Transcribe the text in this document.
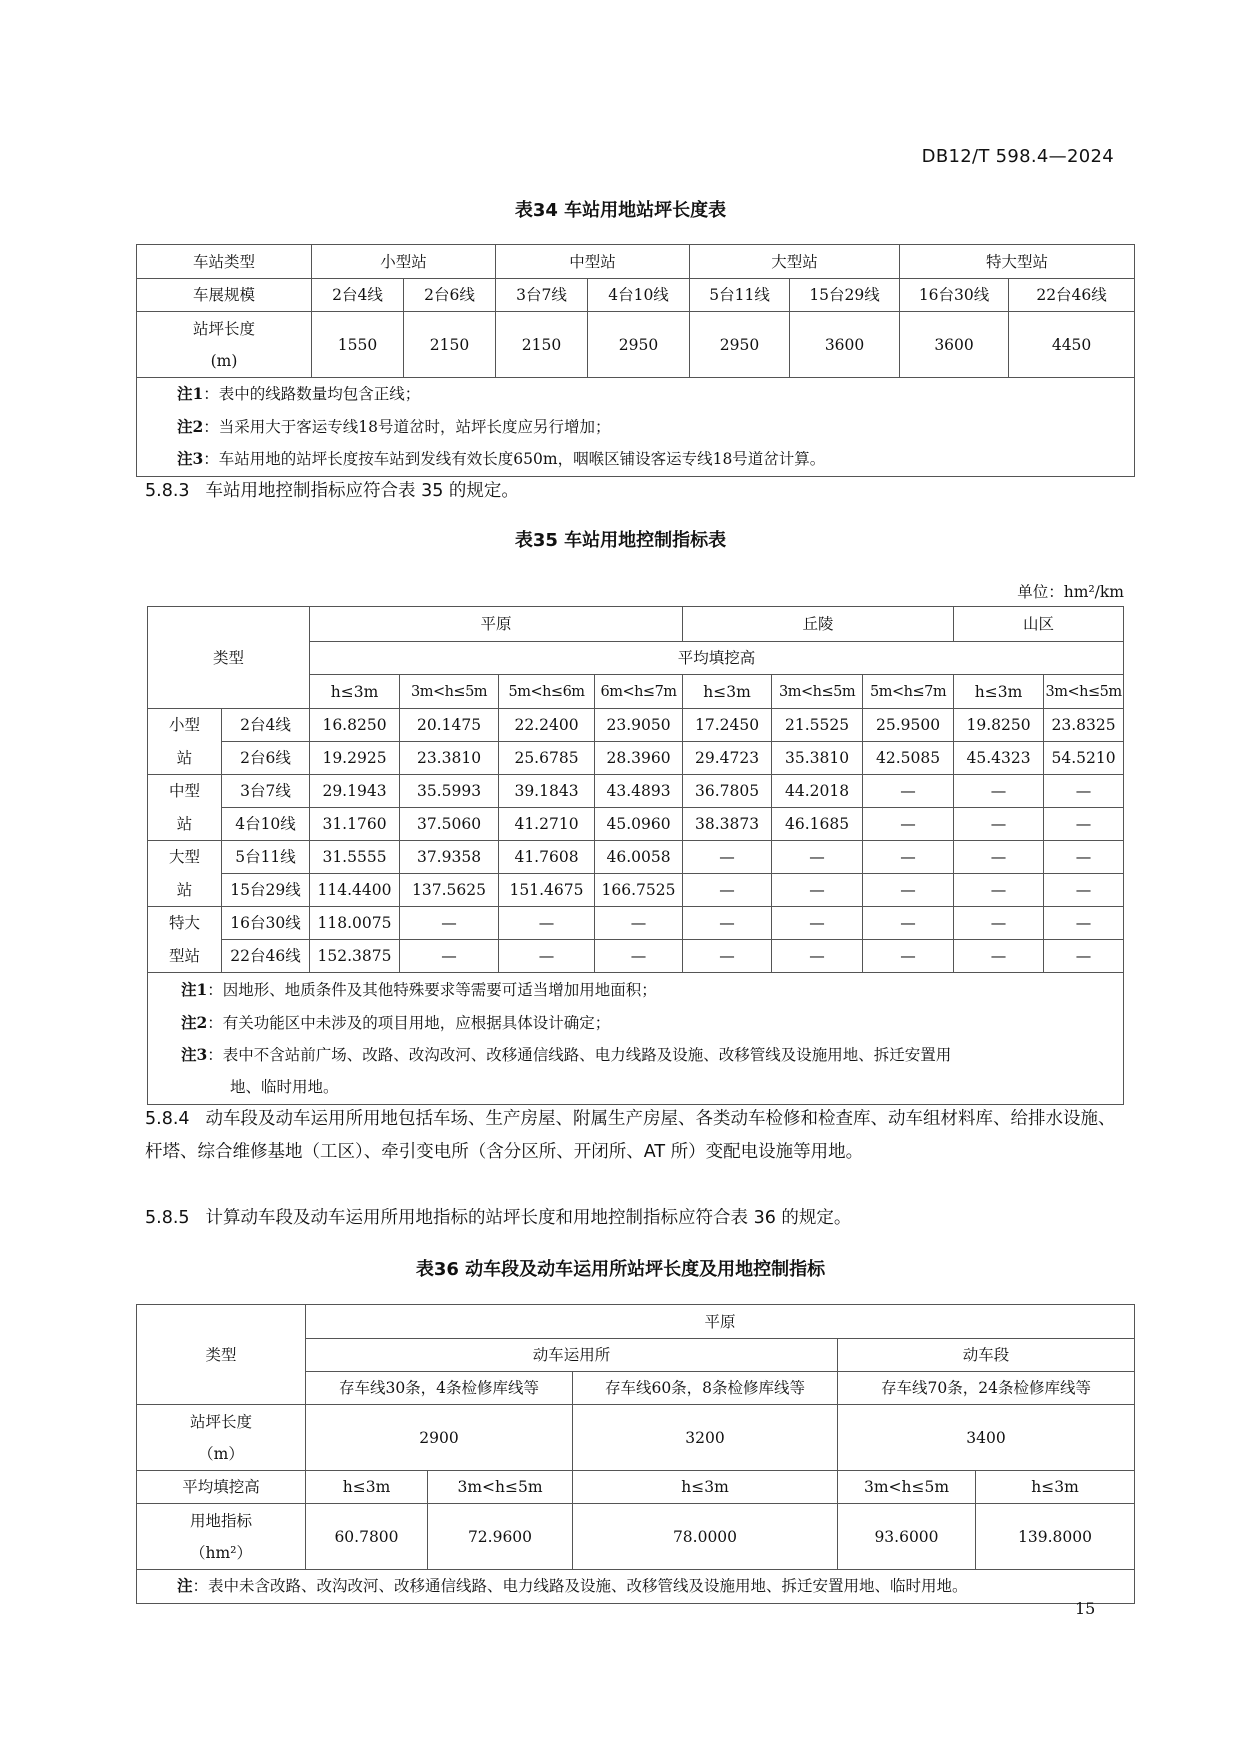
DB12/T 598.4—2024
表34 车站用地站坪长度表
车站类型	小型站		中型站		大型站		特大型站	
车展规模	2台4线	2台6线	3台7线	4台10线	5台11线	15台29线	16台30线	22台46线

站坪长度
(m)	1550	2150	2150	2950	2950	3600	3600	4450

注1：表中的线路数量均包含正线；
注2：当采用大于客运专线18号道岔时，站坪长度应另行增加；
注3：车站用地的站坪长度按车站到发线有效长度650m，咽喉区铺设客运专线18号道岔计算。								
5.8.3 车站用地控制指标应符合表 35 的规定。
表35 车站用地控制指标表
单位：hm²/km
类型		平原				丘陵			山区	
		平均填挖高								
		h≤3m	3m<h≤5m	5m<h≤6m	6m<h≤7m	h≤3m	3m<h≤5m	5m<h≤7m	h≤3m	3m<h≤5m
小型	2台4线	16.8250	20.1475	22.2400	23.9050	17.2450	21.5525	25.9500	19.8250	23.8325
站	2台6线	19.2925	23.3810	25.6785	28.3960	29.4723	35.3810	42.5085	45.4323	54.5210
中型	3台7线	29.1943	35.5993	39.1843	43.4893	36.7805	44.2018	—	—	—
站	4台10线	31.1760	37.5060	41.2710	45.0960	38.3873	46.1685	—	—	—
大型	5台11线	31.5555	37.9358	41.7608	46.0058	—	—	—	—	—
站	15台29线	114.4400	137.5625	151.4675	166.7525	—	—	—	—	—
特大	16台30线	118.0075	—	—	—	—	—	—	—	—
型站	22台46线	152.3875	—	—	—	—	—	—	—	—

注1：因地形、地质条件及其他特殊要求等需要可适当增加用地面积；
注2：有关功能区中未涉及的项目用地，应根据具体设计确定；
注3：表中不含站前广场、改路、改沟改河、改移通信线路、电力线路及设施、改移管线及设施用地、拆迁安置用
地、临时用地。										
5.8.4 动车段及动车运用所用地包括车场、生产房屋、附属生产房屋、各类动车检修和检查库、动车组材料库、给排水设施、杆塔、综合维修基地（工区）、牵引变电所（含分区所、开闭所、AT 所）变配电设施等用地。
5.8.5 计算动车段及动车运用所用地指标的站坪长度和用地控制指标应符合表 36 的规定。
表36 动车段及动车运用所站坪长度及用地控制指标
类型	平原				
	动车运用所			动车段	
	存车线30条，4条检修库线等		存车线60条，8条检修库线等	存车线70条，24条检修库线等	

站坪长度
（m）	2900		3200	3400	
平均填挖高	h≤3m	3m<h≤5m	h≤3m	3m<h≤5m	h≤3m

用地指标
（hm²）	60.7800	72.9600	78.0000	93.6000	139.8000
注：表中未含改路、改沟改河、改移通信线路、电力线路及设施、改移管线及设施用地、拆迁安置用地、临时用地。					
15
